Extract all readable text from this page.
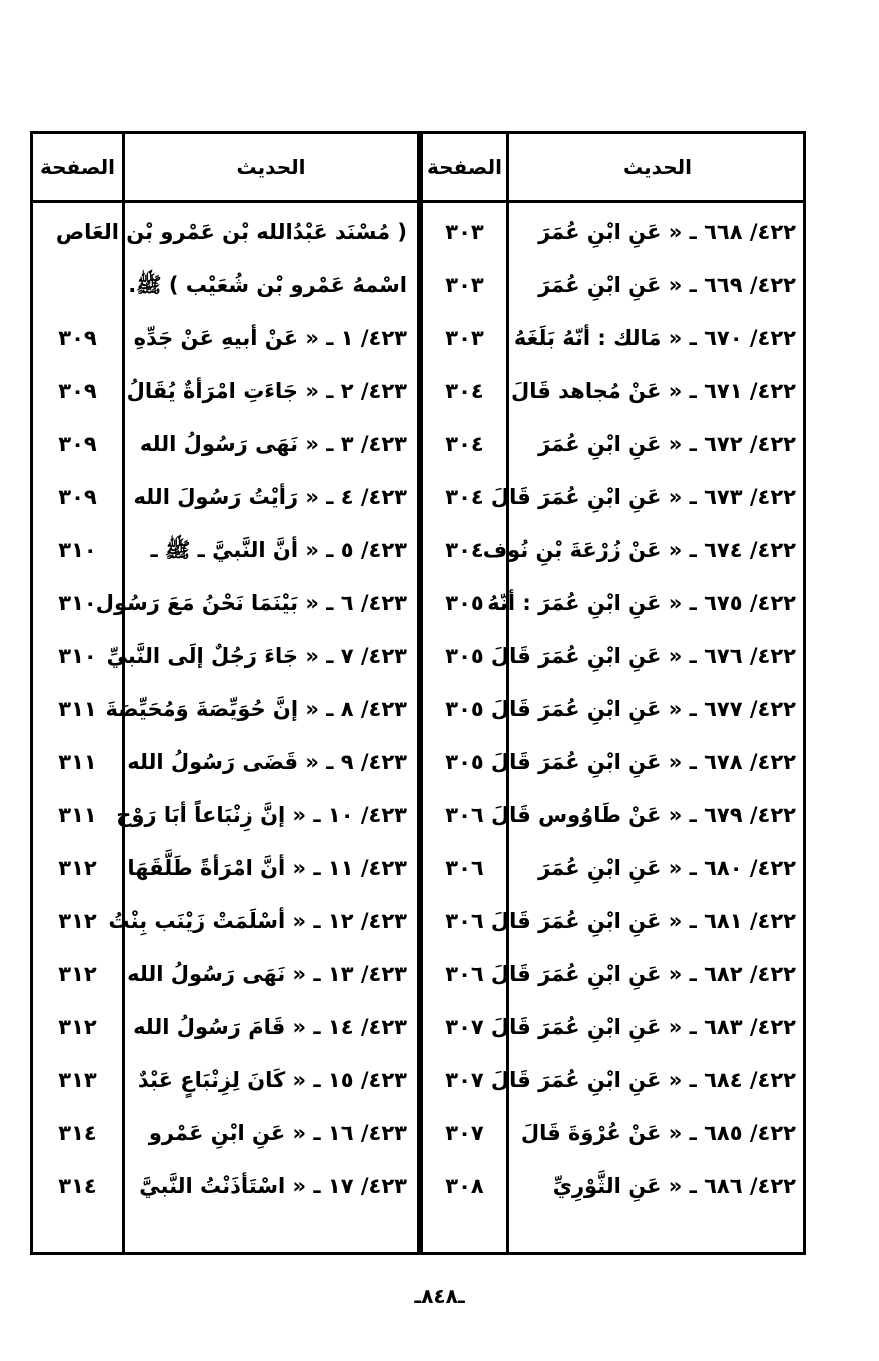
الحديث
الصفحة
الحديث
الصفحة
٤٢٢/ ٦٦٨ ـ « عَنِ ابْنِ عُمَرَ
٣٠٣
( مُسْنَد عَبْدُالله بْن عَمْرو بْن العَاص
٤٢٢/ ٦٦٩ ـ « عَنِ ابْنِ عُمَرَ
٣٠٣
اسْمهُ عَمْرو بْن شُعَيْب ) ﷺ.
٤٢٢/ ٦٧٠ ـ « مَالك : أنّهُ بَلَغَهُ
٣٠٣
٤٢٣/ ١ ـ « عَنْ أبيهِ عَنْ جَدِّهِ
٣٠٩
٤٢٢/ ٦٧١ ـ « عَنْ مُجاهد قَالَ
٣٠٤
٤٢٣/ ٢ ـ « جَاءَتِ امْرَأةٌ يُقَالُ
٣٠٩
٤٢٢/ ٦٧٢ ـ « عَنِ ابْنِ عُمَرَ
٣٠٤
٤٢٣/ ٣ ـ « نَهَى رَسُولُ الله
٣٠٩
٤٢٢/ ٦٧٣ ـ « عَنِ ابْنِ عُمَرَ قَالَ
٣٠٤
٤٢٣/ ٤ ـ « رَأيْتُ رَسُولَ الله
٣٠٩
٤٢٢/ ٦٧٤ ـ « عَنْ زُرْعَةَ بْنِ نُوف
٣٠٤
٤٢٣/ ٥ ـ « أنَّ النَّبيَّ ـ ﷺ ـ
٣١٠
٤٢٢/ ٦٧٥ ـ « عَنِ ابْنِ عُمَرَ : أنّهُ
٣٠٥
٤٢٣/ ٦ ـ « بَيْنَمَا نَحْنُ مَعَ رَسُول
٣١٠
٤٢٢/ ٦٧٦ ـ « عَنِ ابْنِ عُمَرَ قَالَ
٣٠٥
٤٢٣/ ٧ ـ « جَاءَ رَجُلٌ إلَى النَّبيِّ
٣١٠
٤٢٢/ ٦٧٧ ـ « عَنِ ابْنِ عُمَرَ قَالَ
٣٠٥
٤٢٣/ ٨ ـ « إنَّ حُوَيِّصَةَ وَمُحَيِّصَةَ
٣١١
٤٢٢/ ٦٧٨ ـ « عَنِ ابْنِ عُمَرَ قَالَ
٣٠٥
٤٢٣/ ٩ ـ « قَضَى رَسُولُ الله
٣١١
٤٢٢/ ٦٧٩ ـ « عَنْ طَاوُوس قَالَ
٣٠٦
٤٢٣/ ١٠ ـ « إنَّ زِنْبَاعاً أبَا رَوْح
٣١١
٤٢٢/ ٦٨٠ ـ « عَنِ ابْنِ عُمَرَ
٣٠٦
٤٢٣/ ١١ ـ « أنَّ امْرَأةً طَلَّقَهَا
٣١٢
٤٢٢/ ٦٨١ ـ « عَنِ ابْنِ عُمَرَ قَالَ
٣٠٦
٤٢٣/ ١٢ ـ « أسْلَمَتْ زَيْنَب بِنْتُ
٣١٢
٤٢٢/ ٦٨٢ ـ « عَنِ ابْنِ عُمَرَ قَالَ
٣٠٦
٤٢٣/ ١٣ ـ « نَهَى رَسُولُ الله
٣١٢
٤٢٢/ ٦٨٣ ـ « عَنِ ابْنِ عُمَرَ قَالَ
٣٠٧
٤٢٣/ ١٤ ـ « قَامَ رَسُولُ الله
٣١٢
٤٢٢/ ٦٨٤ ـ « عَنِ ابْنِ عُمَرَ قَالَ
٣٠٧
٤٢٣/ ١٥ ـ « كَانَ لِزِنْبَاعٍ عَبْدٌ
٣١٣
٤٢٢/ ٦٨٥ ـ « عَنْ عُرْوَةَ قَالَ
٣٠٧
٤٢٣/ ١٦ ـ « عَنِ ابْنِ عَمْرو
٣١٤
٤٢٢/ ٦٨٦ ـ « عَنِ الثَّوْرِيِّ
٣٠٨
٤٢٣/ ١٧ ـ « اسْتَأذَنْتُ النَّبيَّ
٣١٤
ـ٨٤٨ـ
